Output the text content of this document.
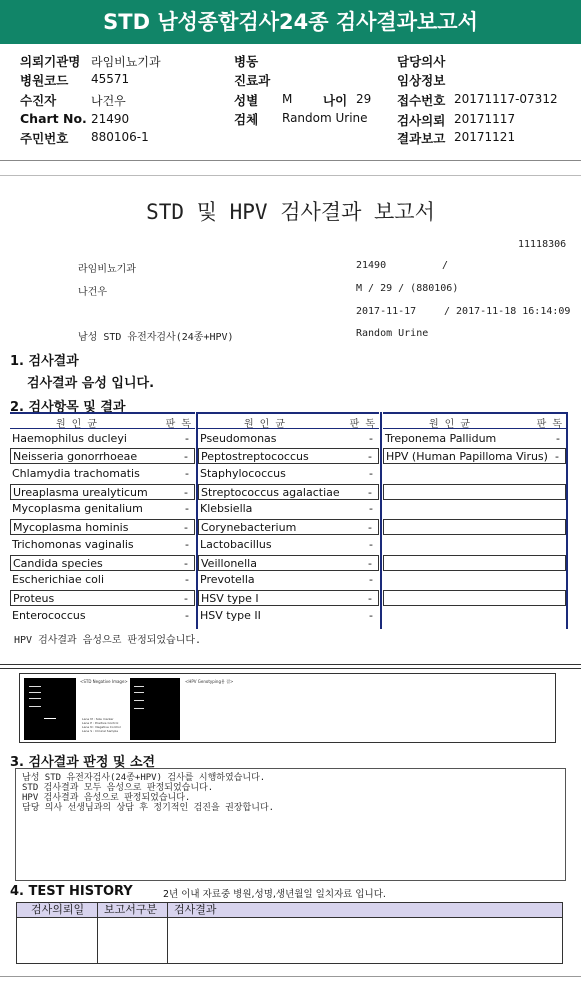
STD 남성종합검사24종 검사결과보고서
의뢰기관명 라임비뇨기과
병원코드 45571
수진자	나건우
Chart No. 21490
주민번호 880106-1
병동
진료과
성별 M 나이 29
검체 Random Urine
담당의사
임상정보
접수번호 20171117-07312
검사의뢰 20171117
결과보고 20171121
STD 및 HPV 검사결과 보고서
11118306
라임비뇨기과	21490	/
나건우	M / 29 / (880106)
2017-11-17	/ 2017-11-18 16:14:09
남성 STD 유전자검사(24종+HPV)	Random Urine
1. 검사결과
검사결과 음성 입니다.
2. 검사항목 및 결과
원 인 균	판 독
Haemophilus ducleyi	-
Neisseria gonorrhoeae	-
Chlamydia trachomatis	-
Ureaplasma urealyticum	-
Mycoplasma genitalium	-
Mycoplasma hominis	-
Trichomonas vaginalis	-
Candida species	-
Escherichiae coli	-
Proteus	-
Enterococcus	-
원 인 균	판 독
Pseudomonas	-
Peptostreptococcus	-
Staphylococcus	-
Streptococcus agalactiae	-
Klebsiella	-
Corynebacterium	-
Lactobacillus	-
Veillonella	-
Prevotella	-
HSV type I	-
HSV type II	-
원 인 균	판 독
Treponema Pallidum	-
HPV (Human Papilloma Virus) -
HPV 검사결과 음성으로 판정되었습니다.
<STD Negative Image>
Lane M : Size marker
Lane P : Positive Control
Lane N : Negative Control
Lane S : Clinical Sample
<HPV Genotyping용 결>
3. 검사결과 판정 및 소견
남성 STD 유전자검사(24종+HPV) 검사를 시행하였습니다.
STD 검사결과 모두 음성으로 판정되었습니다.
HPV 검사결과 음성으로 판정되었습니다.
담당 의사 선생님과의 상담 후 정기적인 검진을 권장합니다.
4. TEST HISTORY	2년 이내 자료중 병원,성명,생년월일 일치자료 입니다.
검사의뢰일	보고서구분	검사결과
